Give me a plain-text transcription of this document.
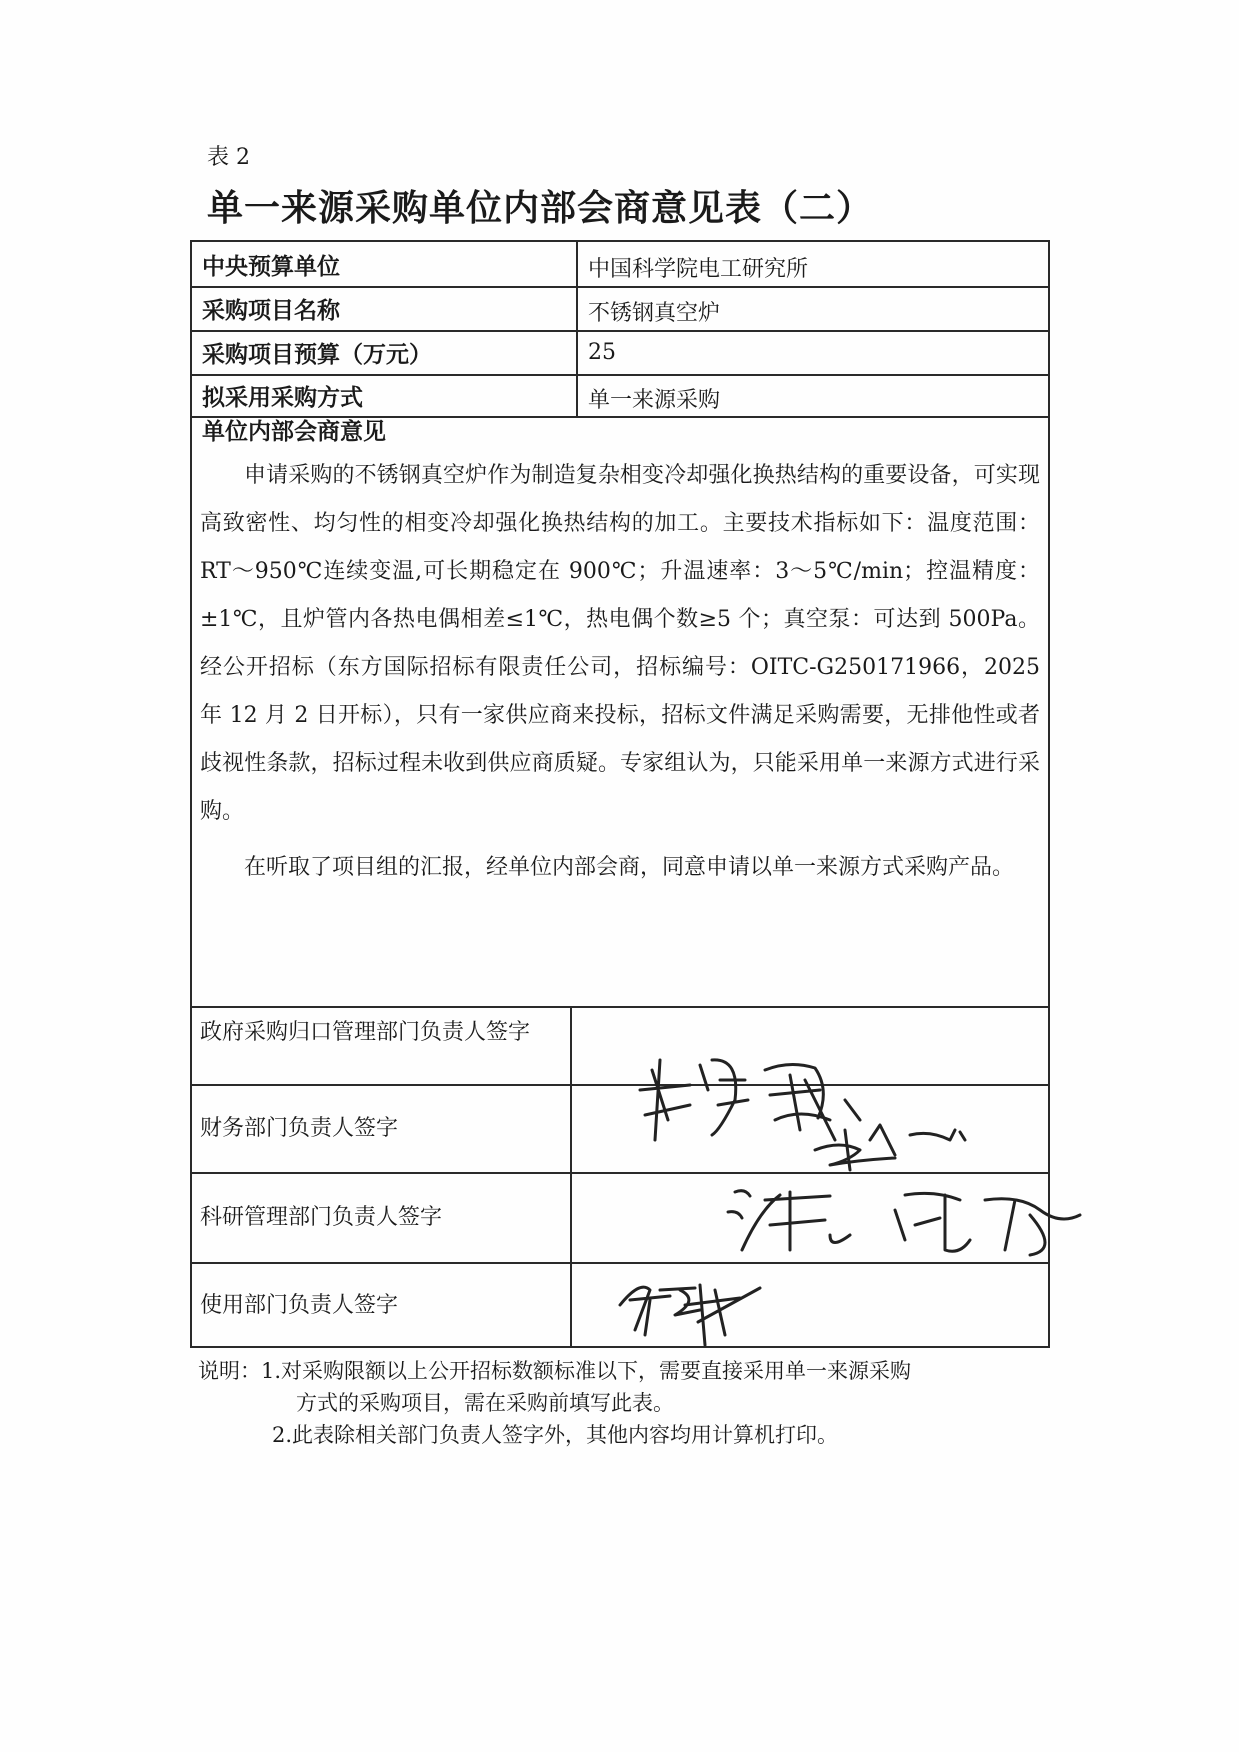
表 2
单一来源采购单位内部会商意见表（二）
中央预算单位	中国科学院电工研究所
采购项目名称	不锈钢真空炉
采购项目预算（万元）	25
拟采用采购方式	单一来源采购
单位内部会商意见

申请采购的不锈钢真空炉作为制造复杂相变冷却强化换热结构的重要设备，可实现高致密性、均匀性的相变冷却强化换热结构的加工。主要技术指标如下：温度范围：RT～950℃连续变温,可长期稳定在 900℃；升温速率：3～5℃/min；控温精度：±1℃，且炉管内各热电偶相差≤1℃，热电偶个数≥5 个；真空泵：可达到 500Pa。经公开招标（东方国际招标有限责任公司，招标编号：OITC-G250171966，2025 年 12 月 2 日开标），只有一家供应商来投标，招标文件满足采购需要，无排他性或者歧视性条款，招标过程未收到供应商质疑。专家组认为，只能采用单一来源方式进行采购。

在听取了项目组的汇报，经单位内部会商，同意申请以单一来源方式采购产品。

政府采购归口管理部门负责人签字
财务部门负责人签字
科研管理部门负责人签字
使用部门负责人签字
说明：1.对采购限额以上公开招标数额标准以下，需要直接采用单一来源采购
方式的采购项目，需在采购前填写此表。
2.此表除相关部门负责人签字外，其他内容均用计算机打印。
